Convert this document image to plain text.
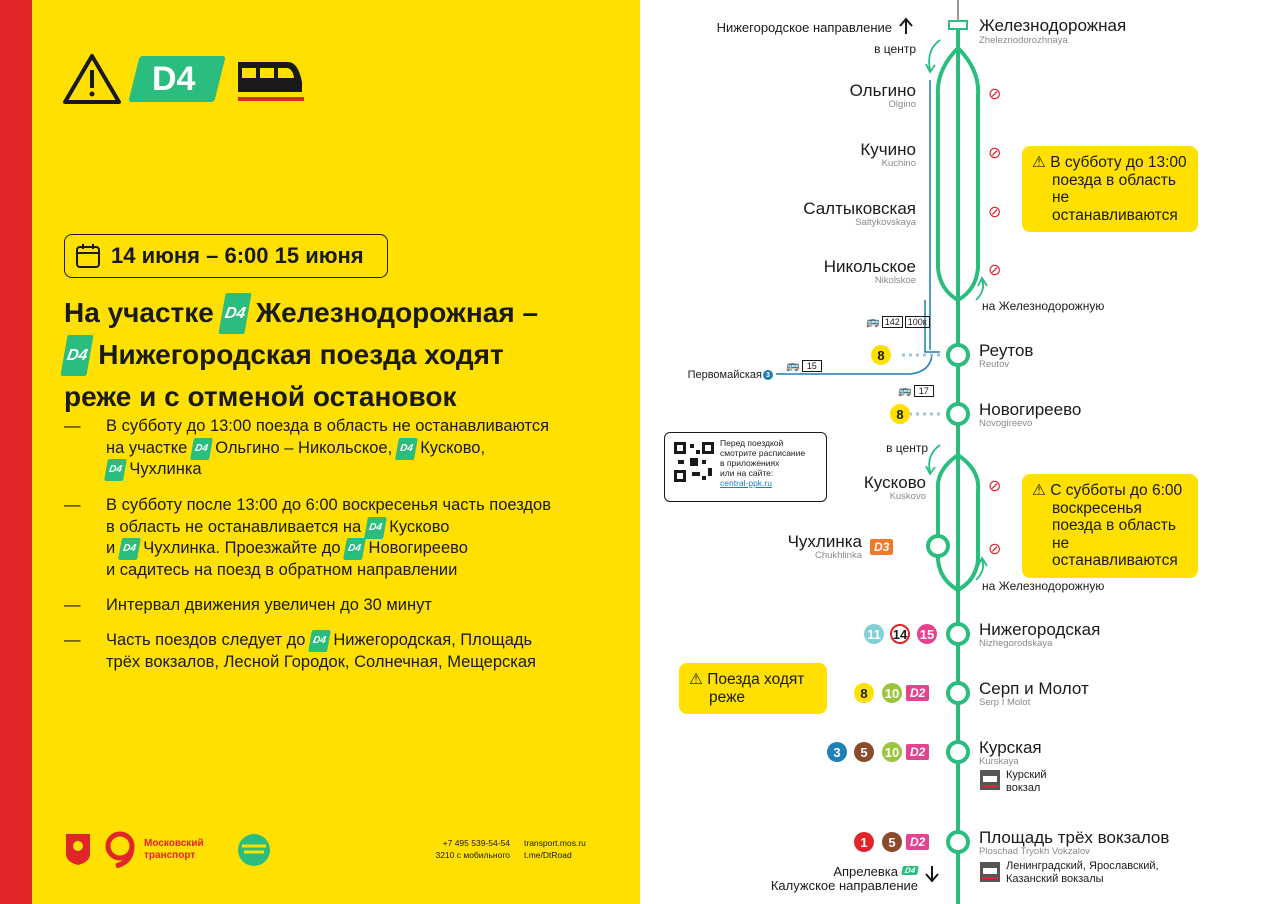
D4
14 июня – 6:00 15 июня
На участке D4 Железнодорожная –
D4 Нижегородская поезда ходят
реже и с отменой остановок
— В субботу до 13:00 поезда в область не останавливаются
на участке D4 Ольгино – Никольское, D4 Кусково,
D4 Чухлинка
— В субботу после 13:00 до 6:00 воскресенья часть поездов
в область не останавливается на D4 Кусково
и D4 Чухлинка. Проезжайте до D4 Новогиреево
и садитесь на поезд в обратном направлении
— Интервал движения увеличен до 30 минут
— Часть поездов следует до D4 Нижегородская, Площадь
трёх вокзалов, Лесной Городок, Солнечная, Мещерская
Московский
транспорт
+7 495 539-54-54
3210 с мобильного
transport.mos.ru
t.me/DtRoad
⊘
⊘
⊘
⊘
⊘
⊘
Железнодорожная
Zheleznodorozhnaya
Ольгино
Olgino
Кучино
Kuchino
Салтыковская
Saltykovskaya
Никольское
Nikolskoe
Реутов
Reutov
Новогиреево
Novogireevo
Кусково
Kuskovo
Чухлинка
Chukhlinka
Нижегородская
Nizhegorodskaya
Серп и Молот
Serp I Molot
Курская
Kurskaya
Площадь трёх вокзалов
Ploschad Tryokh Vokzalov
Нижегородское направление
в центр
в центр
на Железнодорожную
на Железнодорожную
🚌 142 100к
🚌 15
🚌 17
Первомайская 3
8
8
D3
11 14 15
8	10 D2
3	5	10 D2
1	5	D2
Курский
вокзал
Ленинградский, Ярославский,
Казанский вокзалы
Апрелевка D4
Калужское направление
Перед поездкой
смотрите расписание
в приложениях
или на сайте:
central-ppk.ru
⚠ В субботу до 13:00
поезда в область
не останавливаются
⚠ С субботы до 6:00
воскресенья
поезда в область
не останавливаются
⚠ Поезда ходят
реже
